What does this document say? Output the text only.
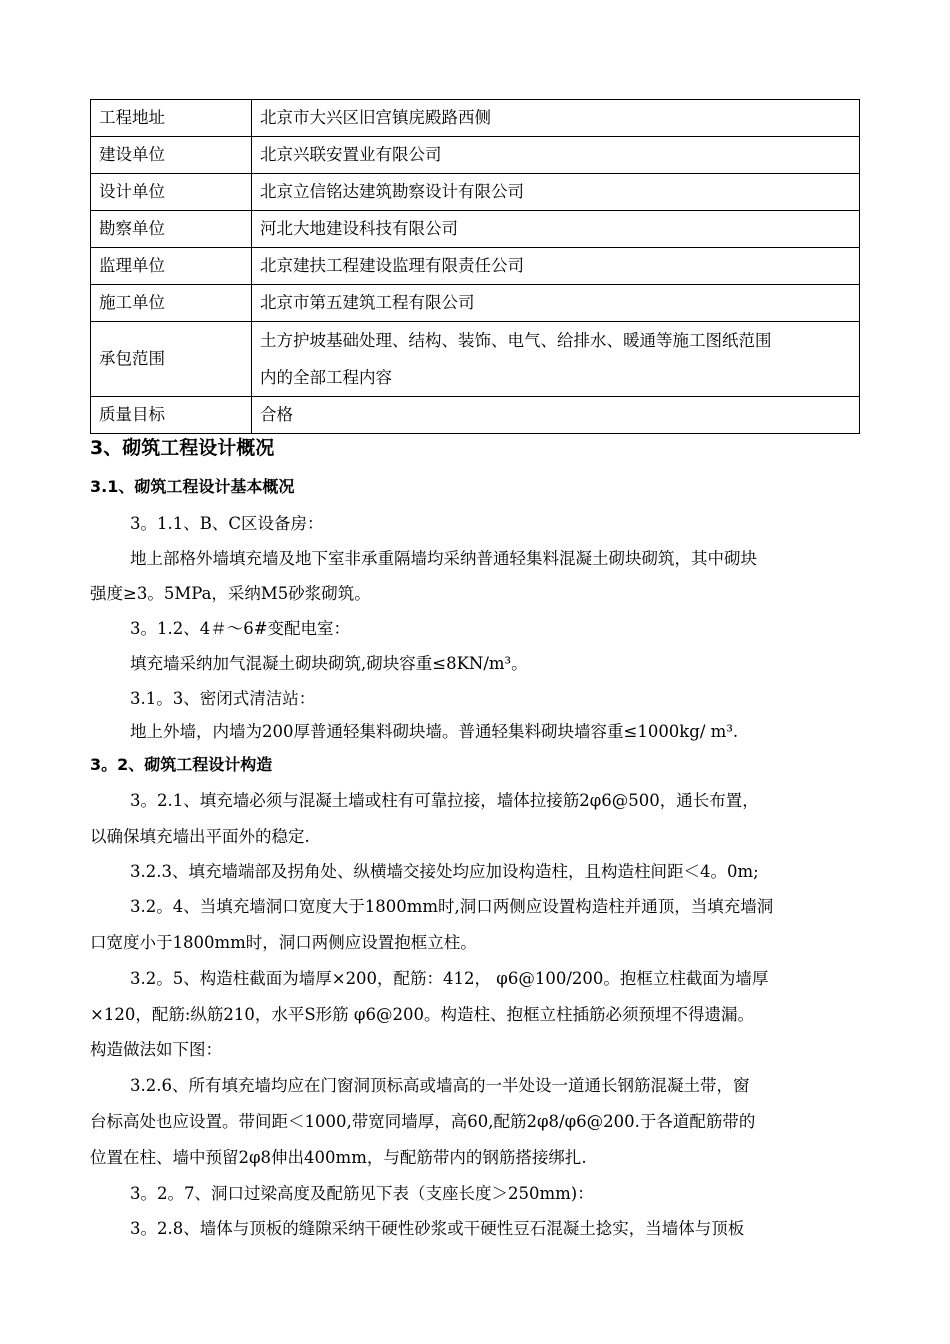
工程地址	北京市大兴区旧宫镇庑殿路西侧
建设单位	北京兴联安置业有限公司
设计单位	北京立信铭达建筑勘察设计有限公司
勘察单位	河北大地建设科技有限公司
监理单位	北京建扶工程建设监理有限责任公司
施工单位	北京市第五建筑工程有限公司
承包范围	土方护坡基础处理、结构、装饰、电气、给排水、暖通等施工图纸范围
内的全部工程内容
质量目标	合格
3、砌筑工程设计概况
3.1、砌筑工程设计基本概况
3。1.1、B、C区设备房：
地上部格外墙填充墙及地下室非承重隔墙均采纳普通轻集料混凝土砌块砌筑，其中砌块
强度≥3。5MPa，采纳M5砂浆砌筑。
3。1.2、4＃～6#变配电室：
填充墙采纳加气混凝土砌块砌筑,砌块容重≤8KN/m³。
3.1。3、密闭式清洁站：
地上外墙，内墙为200厚普通轻集料砌块墙。普通轻集料砌块墙容重≤1000kg/ m³.
3。2、砌筑工程设计构造
3。2.1、填充墙必须与混凝土墙或柱有可靠拉接，墙体拉接筋2φ6@500，通长布置，
以确保填充墙出平面外的稳定.
3.2.3、填充墙端部及拐角处、纵横墙交接处均应加设构造柱，且构造柱间距＜4。0m;
3.2。4、当填充墙洞口宽度大于1800mm时,洞口两侧应设置构造柱并通顶，当填充墙洞
口宽度小于1800mm时，洞口两侧应设置抱框立柱。
3.2。5、构造柱截面为墙厚×200，配筋：412， φ6@100/200。抱框立柱截面为墙厚
×120，配筋:纵筋210，水平S形筋 φ6@200。构造柱、抱框立柱插筋必须预埋不得遗漏。
构造做法如下图：
3.2.6、所有填充墙均应在门窗洞顶标高或墙高的一半处设一道通长钢筋混凝土带，窗
台标高处也应设置。带间距＜1000,带宽同墙厚，高60,配筋2φ8/φ6@200.于各道配筋带的
位置在柱、墙中预留2φ8伸出400mm，与配筋带内的钢筋搭接绑扎.
3。2。7、洞口过梁高度及配筋见下表（支座长度＞250mm)：
3。2.8、墙体与顶板的缝隙采纳干硬性砂浆或干硬性豆石混凝土捻实，当墙体与顶板
